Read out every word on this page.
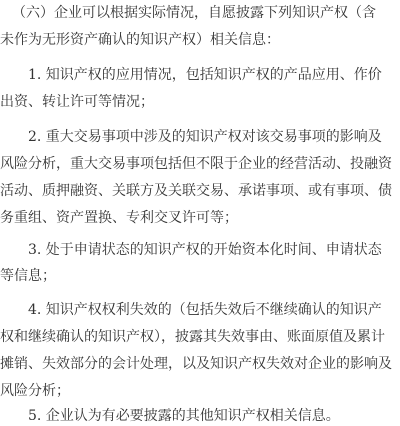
（六）企业可以根据实际情况，自愿披露下列知识产权（含
未作为无形资产确认的知识产权）相关信息：
1. 知识产权的应用情况，包括知识产权的产品应用、作价
出资、转让许可等情况；
2. 重大交易事项中涉及的知识产权对该交易事项的影响及
风险分析，重大交易事项包括但不限于企业的经营活动、投融资
活动、质押融资、关联方及关联交易、承诺事项、或有事项、债
务重组、资产置换、专利交叉许可等；
3. 处于申请状态的知识产权的开始资本化时间、申请状态
等信息；
4. 知识产权权利失效的（包括失效后不继续确认的知识产
权和继续确认的知识产权），披露其失效事由、账面原值及累计
摊销、失效部分的会计处理，以及知识产权失效对企业的影响及
风险分析；
5. 企业认为有必要披露的其他知识产权相关信息。
